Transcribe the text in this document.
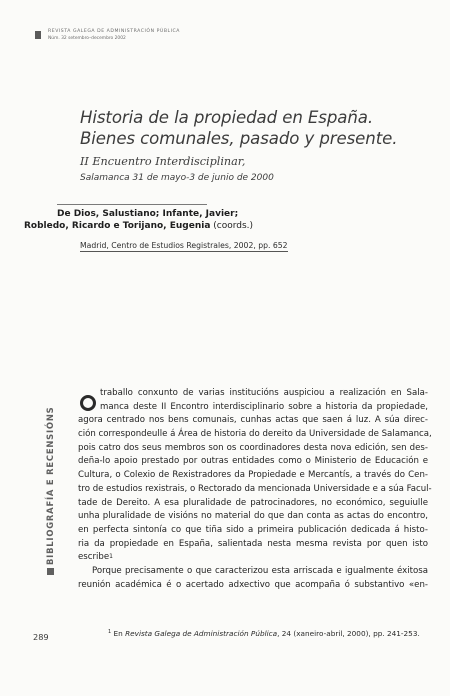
REVISTA GALEGA DE ADMINISTRACIÓN PÚBLICA
Núm. 32 setembro–decembro 2002
Historia de la propiedad en España.
Bienes comunales, pasado y presente.
II Encuentro Interdisciplinar,
Salamanca 31 de mayo-3 de junio de 2000
De Dios, Salustiano; Infante, Javier;
Robledo, Ricardo e Torijano, Eugenia (coords.)
Madrid, Centro de Estudios Registrales, 2002, pp. 652
traballo conxunto de varias institucións auspiciou a realización en Sala-
manca deste II Encontro interdisciplinario sobre a historia da propiedade,
agora centrado nos bens comunais, cunhas actas que saen á luz. A súa direc-
ción correspondeulle á Área de historia do dereito da Universidade de Salamanca,
pois catro dos seus membros son os coordinadores desta nova edición, sen des-
deña-lo apoio prestado por outras entidades como o Ministerio de Educación e
Cultura, o Colexio de Rexistradores da Propiedade e Mercantís, a través do Cen-
tro de estudios rexistrais, o Rectorado da mencionada Universidade e a súa Facul-
tade de Dereito. A esa pluralidade de patrocinadores, no económico, seguiulle
unha pluralidade de visións no material do que dan conta as actas do encontro,
en perfecta sintonía co que tiña sido a primeira publicación dedicada á histo-
ria da propiedade en España, salientada nesta mesma revista por quen isto
escribe$^1$
Porque precisamente o que caracterizou esta arriscada e igualmente éxitosa
reunión académica é o acertado adxectivo que acompaña ó substantivo «en-
BIBLIOGRAFÍA E RECENSIÓNS
289	$^1$ En Revista Galega de Administración Pública, 24 (xaneiro-abril, 2000), pp. 241-253.
